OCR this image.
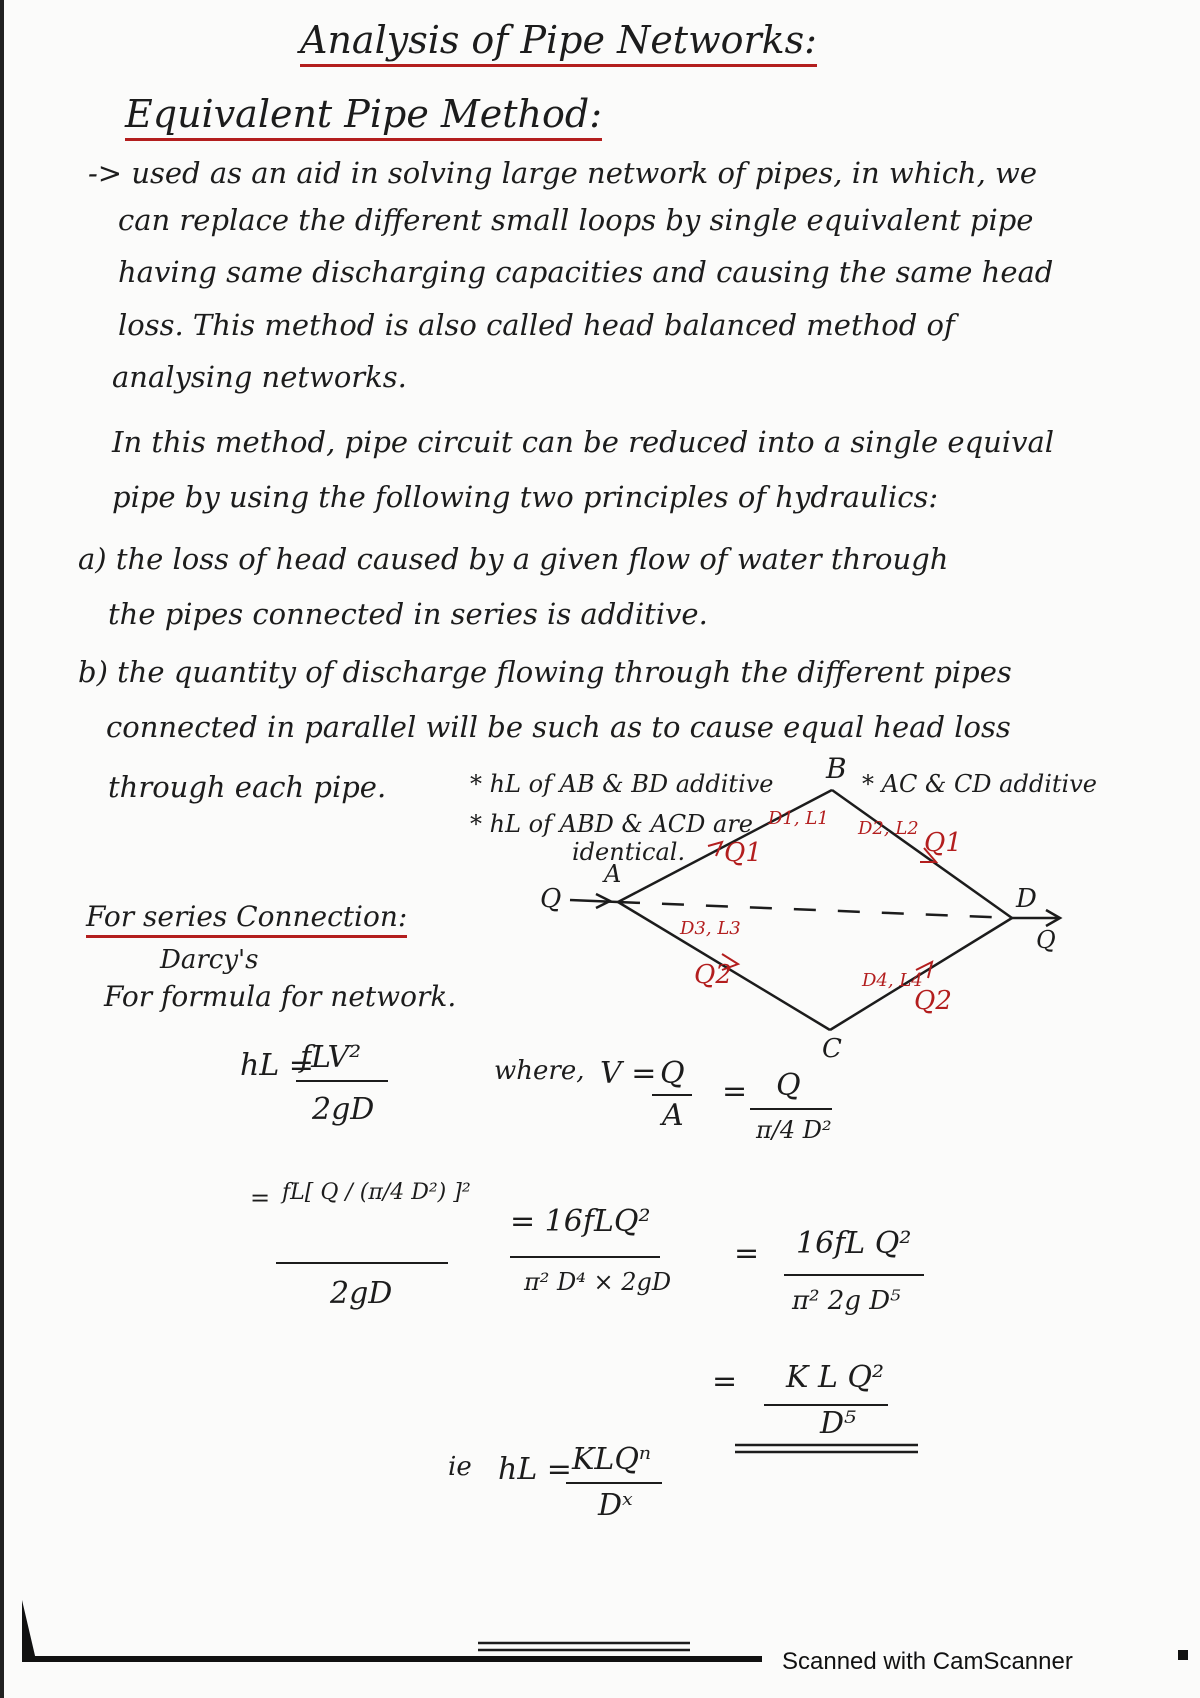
Analysis of Pipe Networks:
Equivalent Pipe Method:
-> used as an aid in solving large network of pipes, in which, we
can replace the different small loops by single equivalent pipe
having same discharging capacities and causing the same head
loss. This method is also called head balanced method of
analysing networks.
In this method, pipe circuit can be reduced into a single equival
pipe by using the following two principles of hydraulics:
a) the loss of head caused by a given flow of water through
the pipes connected in series is additive.
b) the quantity of discharge flowing through the different pipes
connected in parallel will be such as to cause equal head loss
through each pipe.	* hL of AB & BD additive
* hL of ABD & ACD are
identical.
* AC & CD additive
A
B
C
D
Q
Q
D1, L1
Q1
D2, L2 Q1
D3, L3
Q2	D4, L4
Q2
For series Connection:
Darcy's
For formula for network.
hL =
fLV²
2gD
where, V = Q
A
= Q
π/4 D²
= fL[ Q / (π/4 D²) ]²
2gD
= 16fLQ²
π² D⁴ × 2gD
= 16fL Q²
π² 2g D⁵
= K L Q²
D⁵
ie hL = KLQⁿ
Dˣ
Scanned with CamScanner
